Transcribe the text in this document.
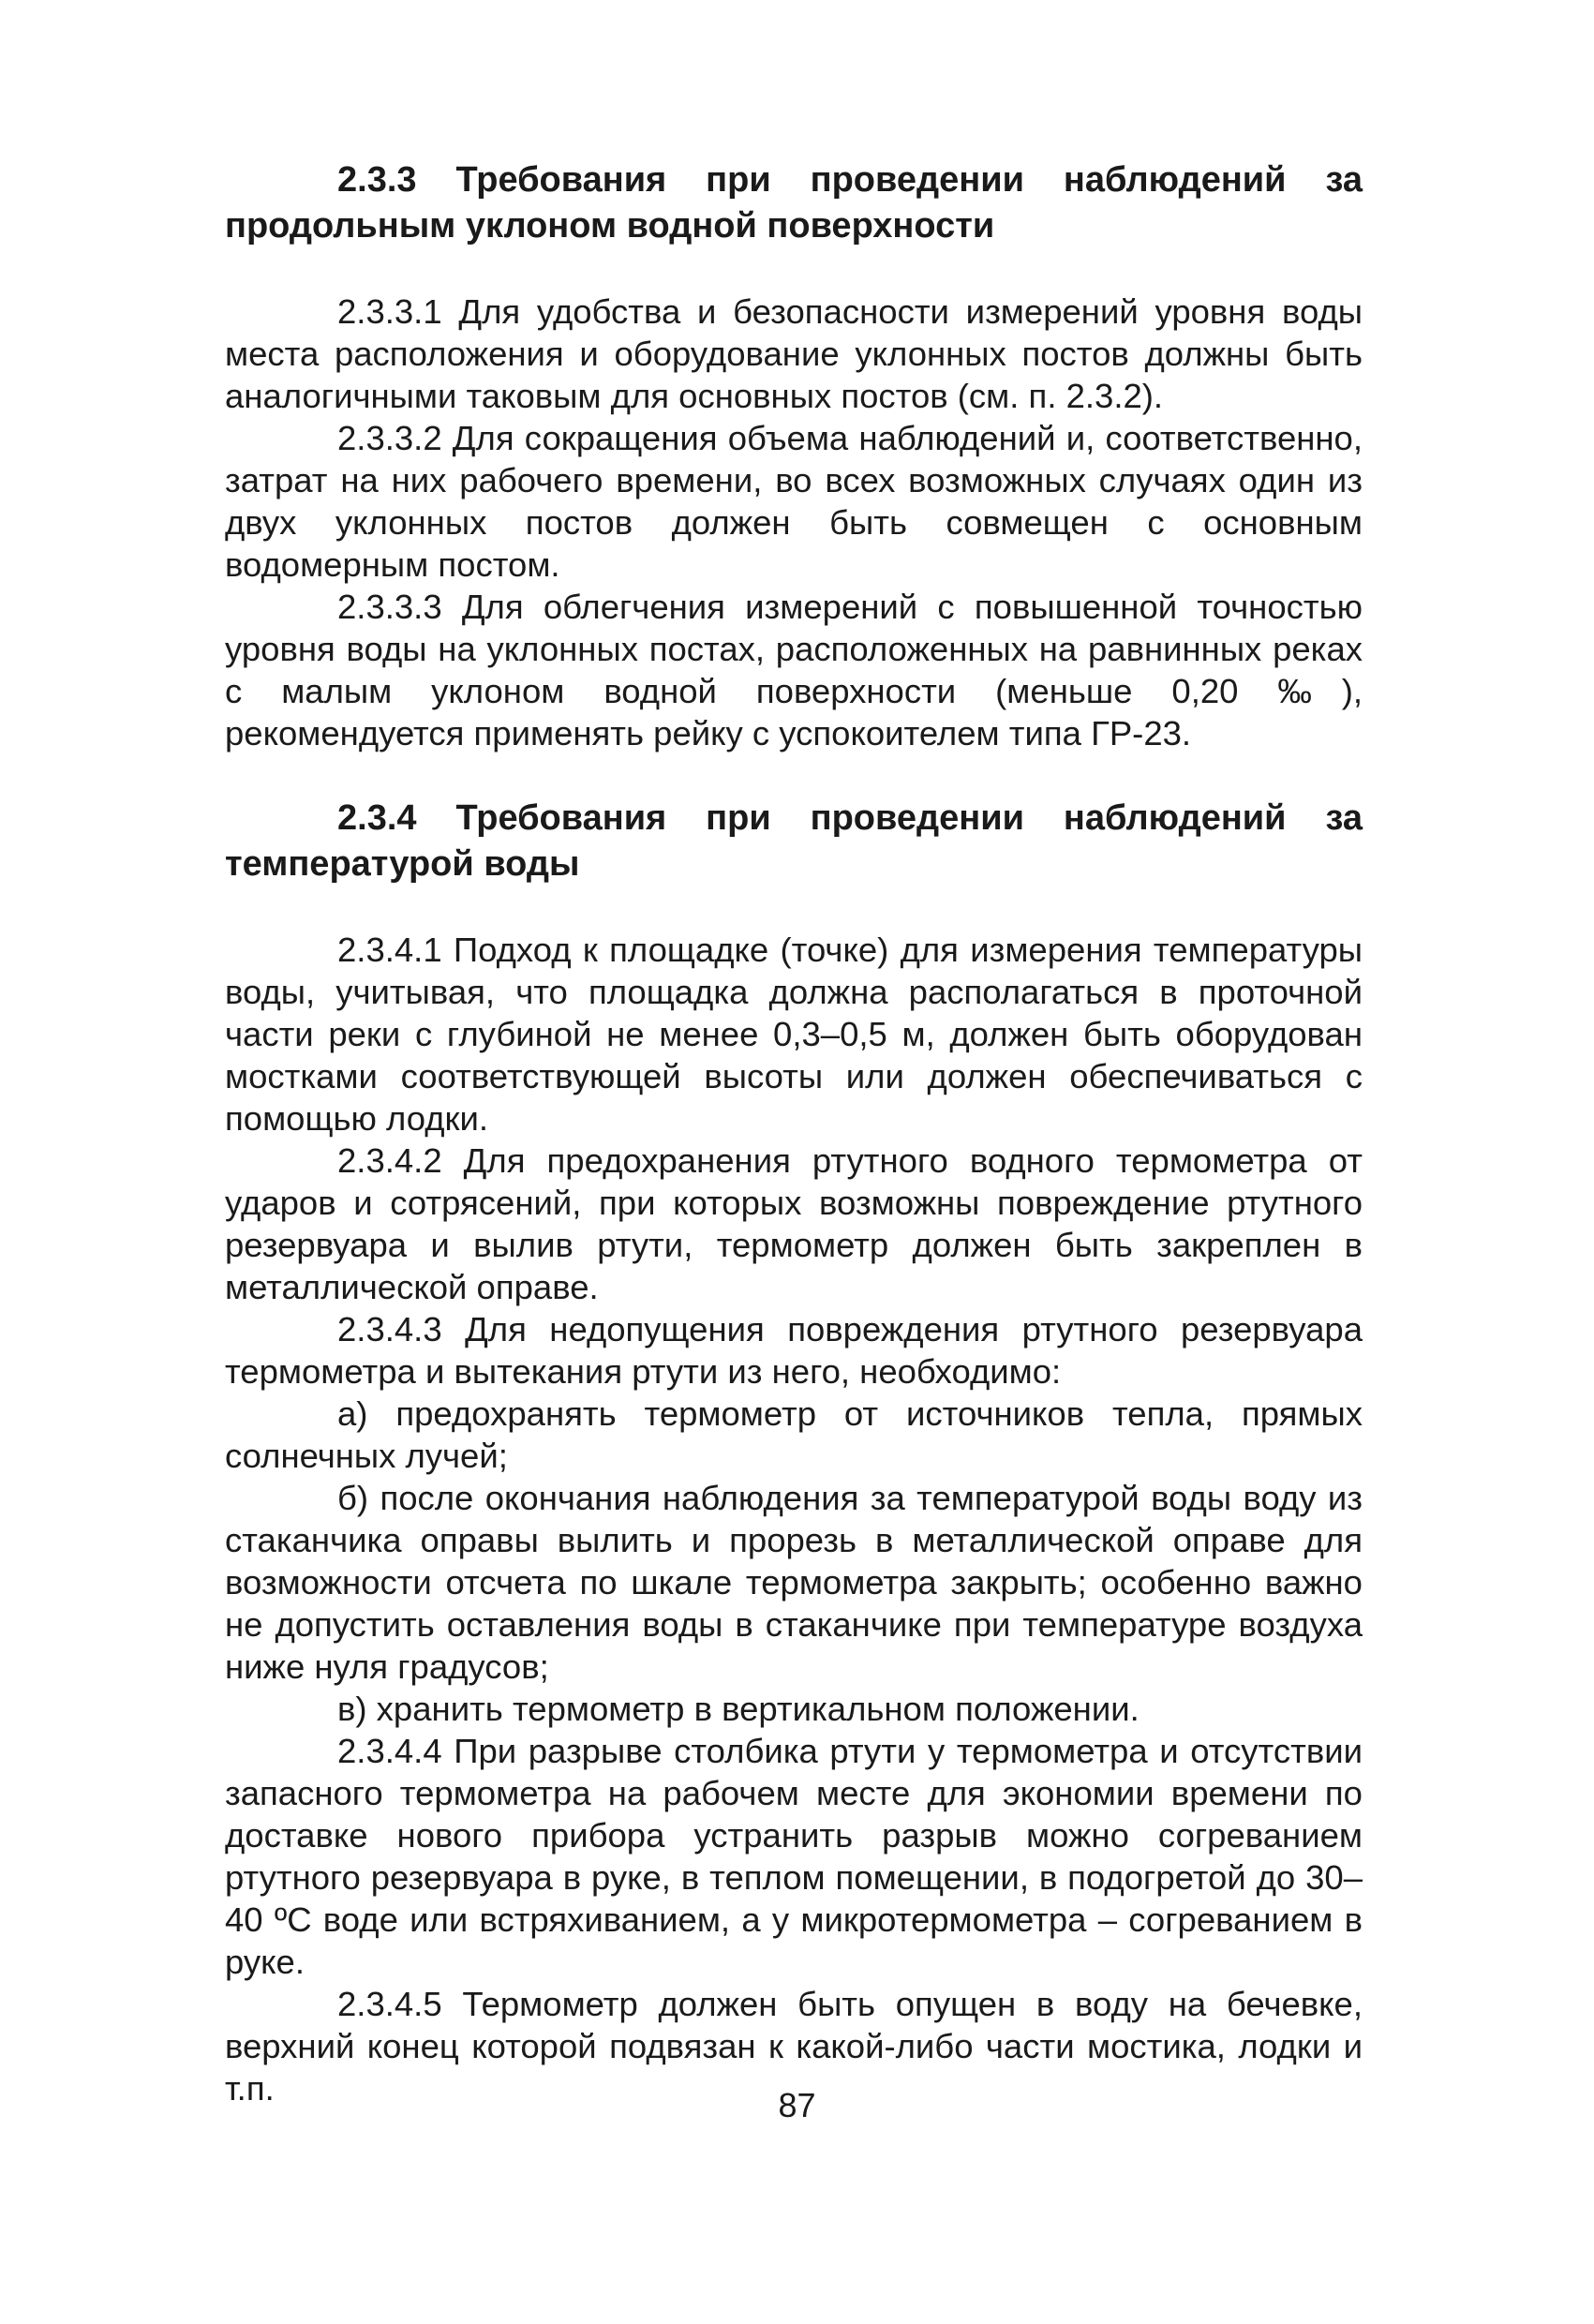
2.3.3 Требования при проведении наблюдений за продольным уклоном водной поверхности

2.3.3.1 Для удобства и безопасности измерений уровня воды места расположения и оборудование уклонных постов должны быть аналогичными таковым для основных постов (см. п. 2.3.2).

2.3.3.2 Для сокращения объема наблюдений и, соответственно, затрат на них рабочего времени, во всех возможных случаях один из двух уклонных постов должен быть совмещен с основным водомерным постом.

2.3.3.3 Для облегчения измерений с повышенной точностью уровня воды на уклонных постах, расположенных на равнинных реках с малым уклоном водной поверхности (меньше 0,20 ‰), рекомендуется применять рейку с успокоителем типа ГР-23.

2.3.4 Требования при проведении наблюдений за температурой воды

2.3.4.1 Подход к площадке (точке) для измерения температуры воды, учитывая, что площадка должна располагаться в проточной части реки с глубиной не менее 0,3–0,5 м, должен быть оборудован мостками соответствующей высоты или должен обеспечиваться с помощью лодки.

2.3.4.2 Для предохранения ртутного водного термометра от ударов и сотрясений, при которых возможны повреждение ртутного резервуара и вылив ртути, термометр должен быть закреплен в металлической оправе.

2.3.4.3 Для недопущения повреждения ртутного резервуара термометра и вытекания ртути из него, необходимо:

а) предохранять термометр от источников тепла, прямых солнечных лучей;

б) после окончания наблюдения за температурой воды воду из стаканчика оправы вылить и прорезь в металлической оправе для возможности отсчета по шкале термометра закрыть; особенно важно не допустить оставления воды в стаканчике при температуре воздуха ниже нуля градусов;

в) хранить термометр в вертикальном положении.

2.3.4.4 При разрыве столбика ртути у термометра и отсутствии запасного термометра на рабочем месте для экономии времени по доставке нового прибора устранить разрыв можно согреванием ртутного резервуара в руке, в теплом помещении, в подогретой до 30–40 ºС воде или встряхиванием, а у микротермометра – согреванием в руке.

2.3.4.5 Термометр должен быть опущен в воду на бечевке, верхний конец которой подвязан к какой-либо части мостика, лодки и т.п.	87
